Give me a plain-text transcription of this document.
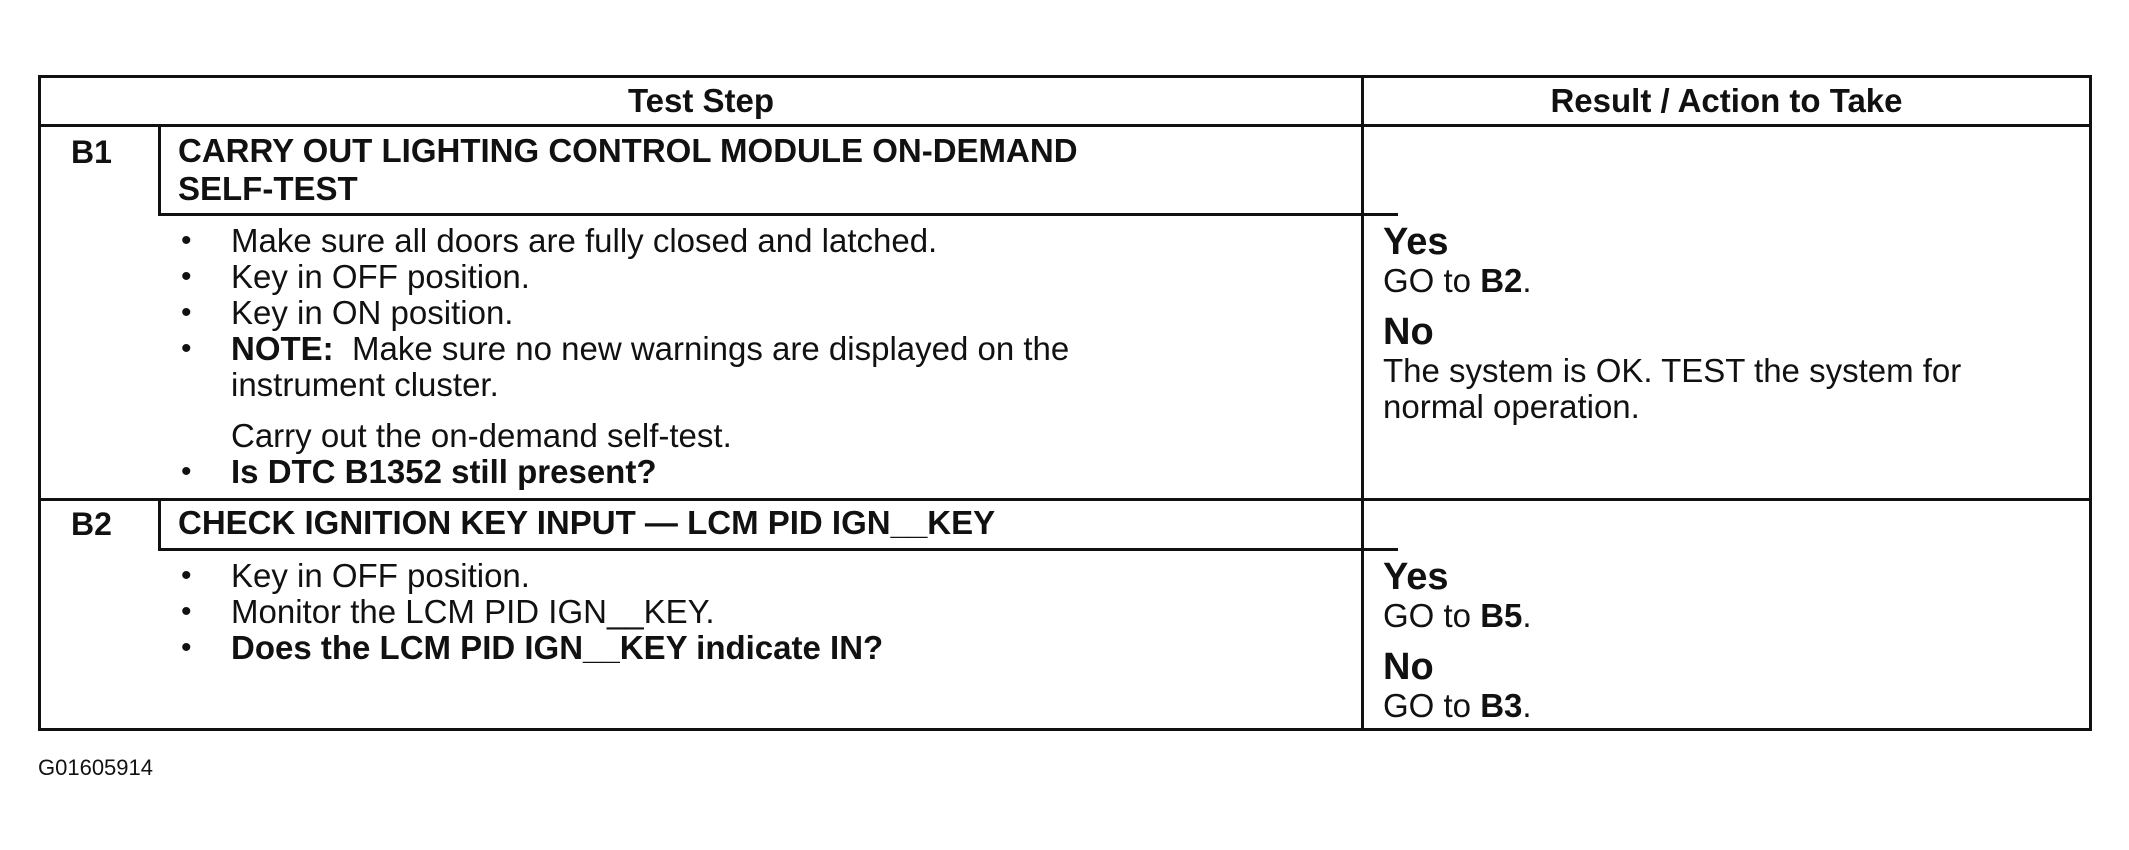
Test Step	Result / Action to Take
B1 CARRY OUT LIGHTING CONTROL MODULE ON-DEMAND
SELF-TEST
• Make sure all doors are fully closed and latched.
• Key in OFF position.
• Key in ON position.
• NOTE: Make sure no new warnings are displayed on the
instrument cluster.
Carry out the on-demand self-test.
• Is DTC B1352 still present?
Yes
GO to B2.
No
The system is OK. TEST the system for
normal operation.
B2 CHECK IGNITION KEY INPUT — LCM PID IGN__KEY
• Key in OFF position.
• Monitor the LCM PID IGN__KEY.
• Does the LCM PID IGN__KEY indicate IN?
Yes
GO to B5.
No
GO to B3.
G01605914
